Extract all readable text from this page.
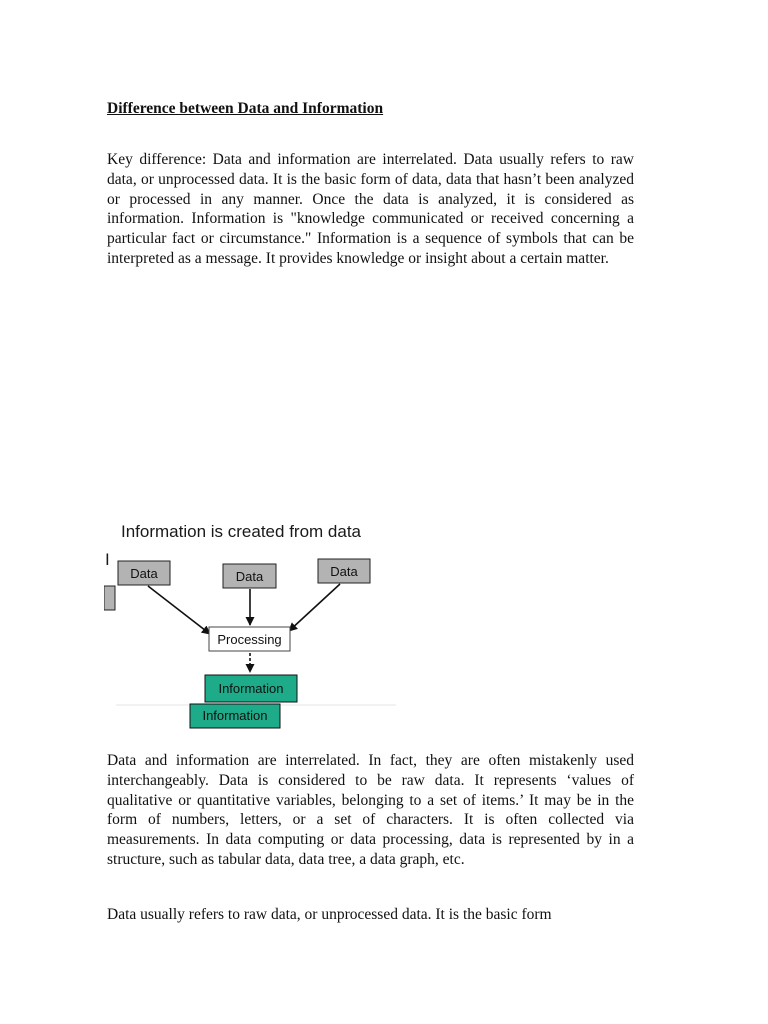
Difference between Data and Information

Key difference: Data and information are interrelated. Data usually refers to raw data, or unprocessed data. It is the basic form of data, data that hasn’t been analyzed or processed in any manner. Once the data is analyzed, it is considered as information. Information is "knowledge communicated or received concerning a particular fact or circumstance." Information is a sequence of symbols that can be interpreted as a message. It provides knowledge or insight about a certain matter.

I
Information is created from data
Data	Data	Data
Processing
Information
Information

Data and information are interrelated. In fact, they are often mistakenly used interchangeably. Data is considered to be raw data. It represents ‘values of qualitative or quantitative variables, belonging to a set of items.’ It may be in the form of numbers, letters, or a set of characters. It is often collected via measurements. In data computing or data processing, data is represented by in a structure, such as tabular data, data tree, a data graph, etc.

Data usually refers to raw data, or unprocessed data. It is the basic form
